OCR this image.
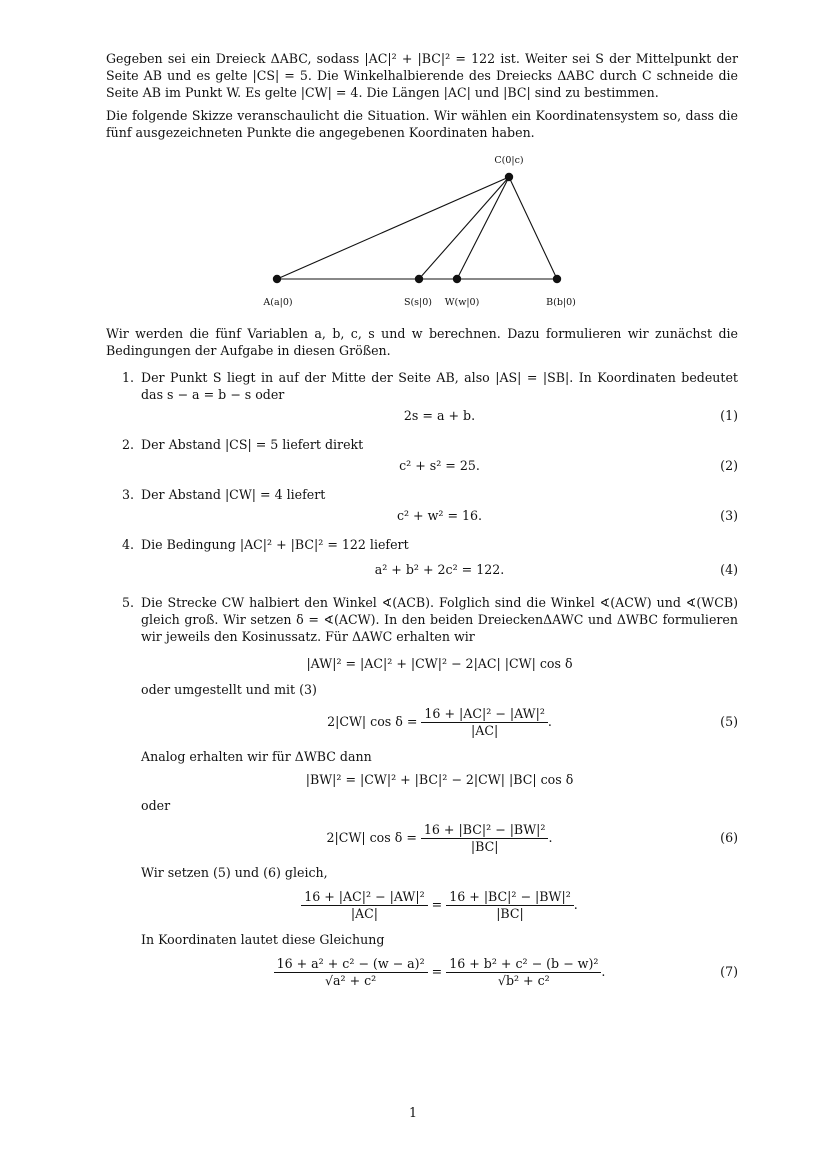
Gegeben sei ein Dreieck ΔABC, sodass |AC|² + |BC|² = 122 ist. Weiter sei S der Mittelpunkt der Seite AB und es gelte |CS| = 5. Die Winkelhalbierende des Dreiecks ΔABC durch C schneide die Seite AB im Punkt W. Es gelte |CW| = 4. Die Längen |AC| und |BC| sind zu bestimmen.

Die folgende Skizze veranschaulicht die Situation. Wir wählen ein Koordinatensystem so, dass die fünf ausgezeichneten Punkte die angegebenen Koordinaten haben.

C(0|c)
A(a|0)	S(s|0) W(w|0)	B(b|0)

Wir werden die fünf Variablen a, b, c, s und w berechnen. Dazu formulieren wir zunächst die Bedingungen der Aufgabe in diesen Größen.

1. Der Punkt S liegt in auf der Mitte der Seite AB, also |AS| = |SB|. In Koordinaten bedeutet das s − a = b − s oder

2s = a + b.	(1)
2. Der Abstand |CS| = 5 liefert direkt

c² + s² = 25.	(2)
3. Der Abstand |CW| = 4 liefert

c² + w² = 16.	(3)
4. Die Bedingung |AC|² + |BC|² = 122 liefert

a² + b² + 2c² = 122.	(4)
5. Die Strecke CW halbiert den Winkel ∢(ACB). Folglich sind die Winkel ∢(ACW) und ∢(WCB) gleich groß. Wir setzen δ = ∢(ACW). In den beiden DreieckenΔAWC und ΔWBC formulieren wir jeweils den Kosinussatz. Für ΔAWC erhalten wir

|AW|² = |AC|² + |CW|² − 2|AC| |CW| cos δ

oder umgestellt und mit (3)

2|CW| $\cos \delta = \frac{\text{16 + |AC|² − |AW|²}}{|AC|}$ .	(5)

Analog erhalten wir für ΔWBC dann

|BW|² = |CW|² + |BC|² − 2|CW| |BC| cos δ

oder

2|CW| $\cos \delta = \frac{\text{16 + |BC|² − |BW|²}}{|BC|}$ .	(6)

Wir setzen (5) und (6) gleich,

$\frac{\text{16 + |AC|² − |AW|²}}{|AC|} = \frac{\text{16 + |BC|² − |BW|²}}{|BC|}$ .

In Koordinaten lautet diese Gleichung

$\frac{\text{16 + a² + c² − (w − a)²}}{\text{√a² + c²}} = \frac{\text{16 + b² + c² − (b − w)²}}{\text{√b² + c²}}$ .	(7)
1
